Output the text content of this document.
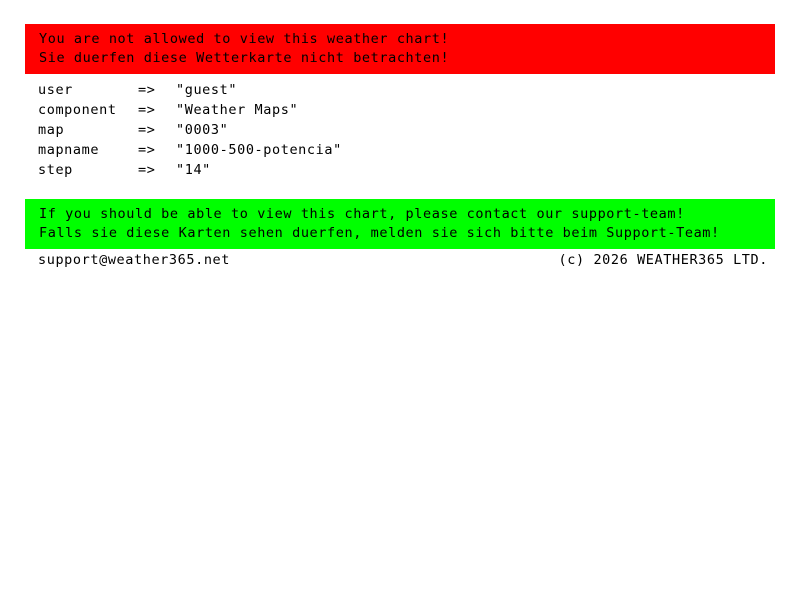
You are not allowed to view this weather chart!
Sie duerfen diese Wetterkarte nicht betrachten!
user	=>	"guest"
component	=>	"Weather Maps"
map	=>	"0003"
mapname	=>	"1000-500-potencia"
step	=>	"14"
If you should be able to view this chart, please contact our support-team!
Falls sie diese Karten sehen duerfen, melden sie sich bitte beim Support-Team!
support@weather365.net	(c) 2026 WEATHER365 LTD.
